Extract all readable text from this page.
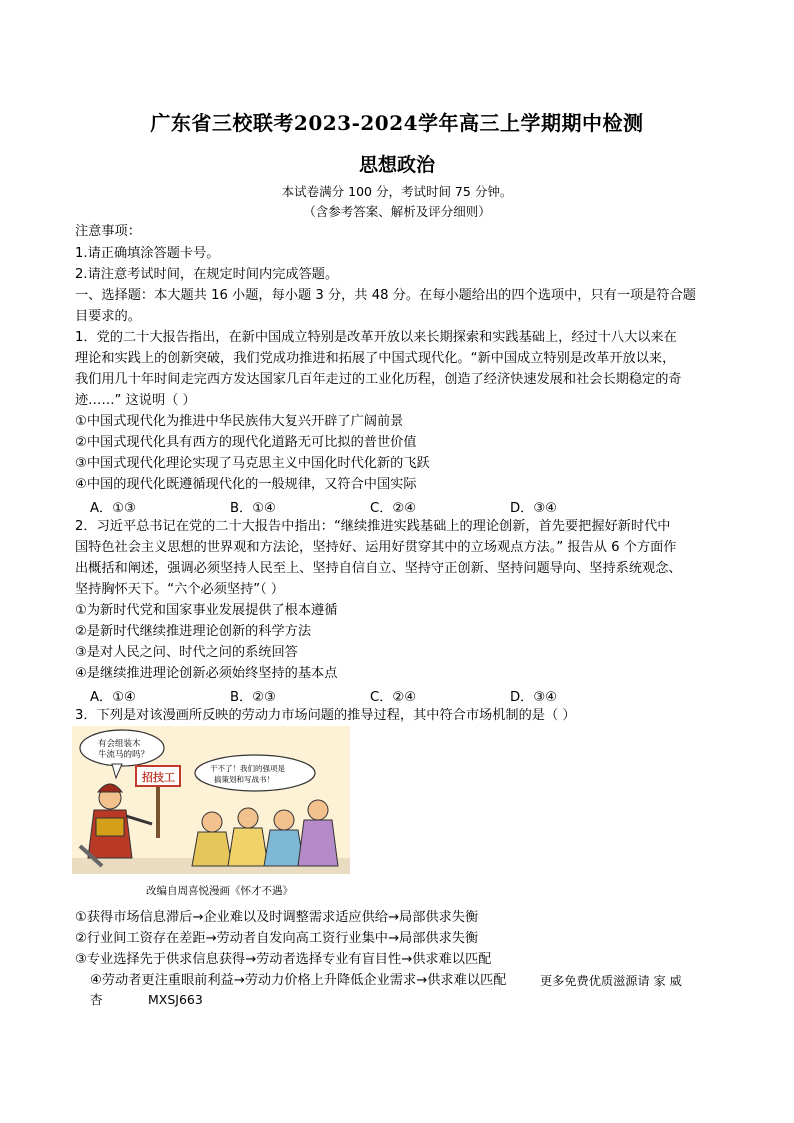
广东省三校联考2023-2024学年高三上学期期中检测
思想政治
本试卷满分 100 分，考试时间 75 分钟。
（含参考答案、解析及评分细则）
注意事项：
1.请正确填涂答题卡号。
2.请注意考试时间，在规定时间内完成答题。
一、选择题：本大题共 16 小题，每小题 3 分，共 48 分。在每小题给出的四个选项中，只有一项是符合题
目要求的。
1．党的二十大报告指出，在新中国成立特别是改革开放以来长期探索和实践基础上，经过十八大以来在
理论和实践上的创新突破，我们党成功推进和拓展了中国式现代化。“新中国成立特别是改革开放以来，
我们用几十年时间走完西方发达国家几百年走过的工业化历程，创造了经济快速发展和社会长期稳定的奇
迹……” 这说明（ ）
①中国式现代化为推进中华民族伟大复兴开辟了广阔前景
②中国式现代化具有西方的现代化道路无可比拟的普世价值
③中国式现代化理论实现了马克思主义中国化时代化新的飞跃
④中国的现代化既遵循现代化的一般规律，又符合中国实际
A．①③	B．①④	C．②④	D．③④
2．习近平总书记在党的二十大报告中指出：“继续推进实践基础上的理论创新，首先要把握好新时代中
国特色社会主义思想的世界观和方法论，坚持好、运用好贯穿其中的立场观点方法。” 报告从 6 个方面作
出概括和阐述，强调必须坚持人民至上、坚持自信自立、坚持守正创新、坚持问题导向、坚持系统观念、
坚持胸怀天下。“六个必须坚持”（ ）
①为新时代党和国家事业发展提供了根本遵循
②是新时代继续推进理论创新的科学方法
③是对人民之问、时代之问的系统回答
④是继续推进理论创新必须始终坚持的基本点
A．①④	B．②③	C．②④	D．③④
3．下列是对该漫画所反映的劳动力市场问题的推导过程，其中符合市场机制的是（ ）
有会组装木
牛流马的吗？
干不了！我们的强项是
搞策划和写战书！
招技工
改编自周喜悦漫画《怀才不遇》
①获得市场信息滞后→企业难以及时调整需求适应供给→局部供求失衡
②行业间工资存在差距→劳动者自发向高工资行业集中→局部供求失衡
③专业选择先于供求信息获得→劳动者选择专业有盲目性→供求难以匹配
④劳动者更注重眼前利益→劳动力价格上升降低企业需求→供求难以匹配	更多免费优质滋源请 家 威
杏	MXSJ663
